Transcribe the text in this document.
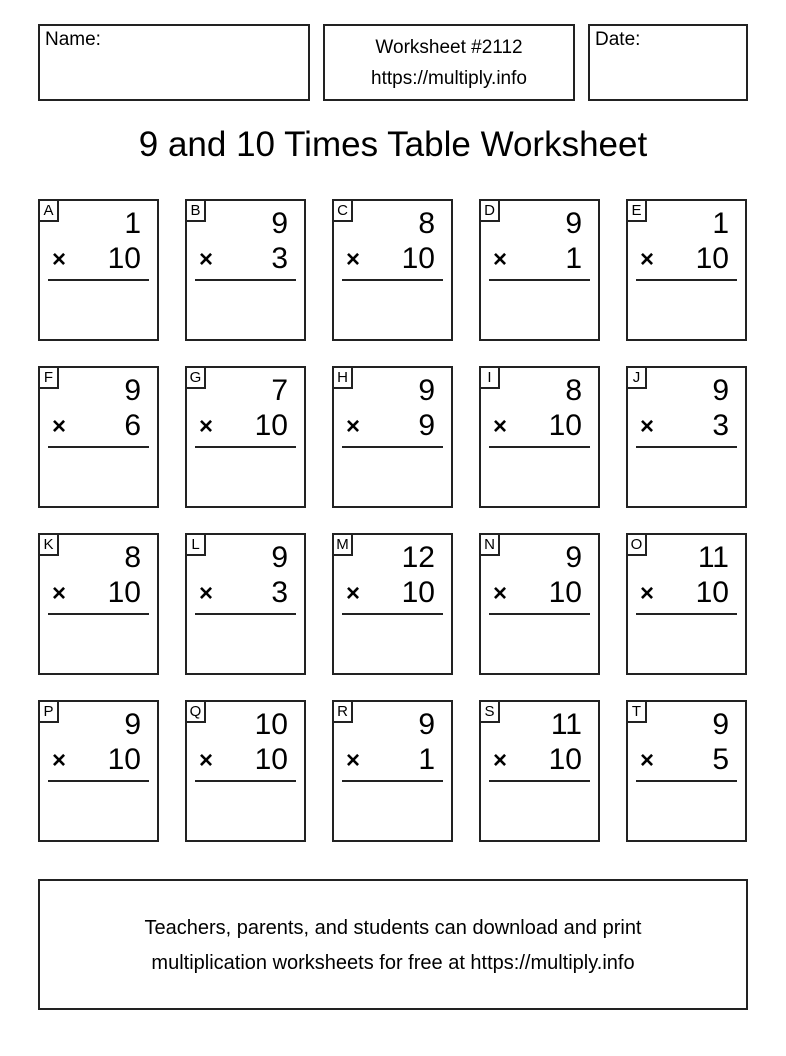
Name:	Worksheet #2112
https://multiply.info
Date:
9 and 10 Times Table Worksheet
A 1
× 10
B 9
× 3
C 8
× 10
D 9
× 1
E 1
× 10
F 9
× 6
G 7
× 10
H 9
× 9
I 8
× 10
J 9
× 3
K 8
× 10
L 9
× 3
M 12
× 10
N 9
× 10
O 11
× 10
P 9
× 10
Q 10
× 10
R 9
× 1
S 11
× 10
T 9
× 5
Teachers, parents, and students can download and print
multiplication worksheets for free at https://multiply.info
